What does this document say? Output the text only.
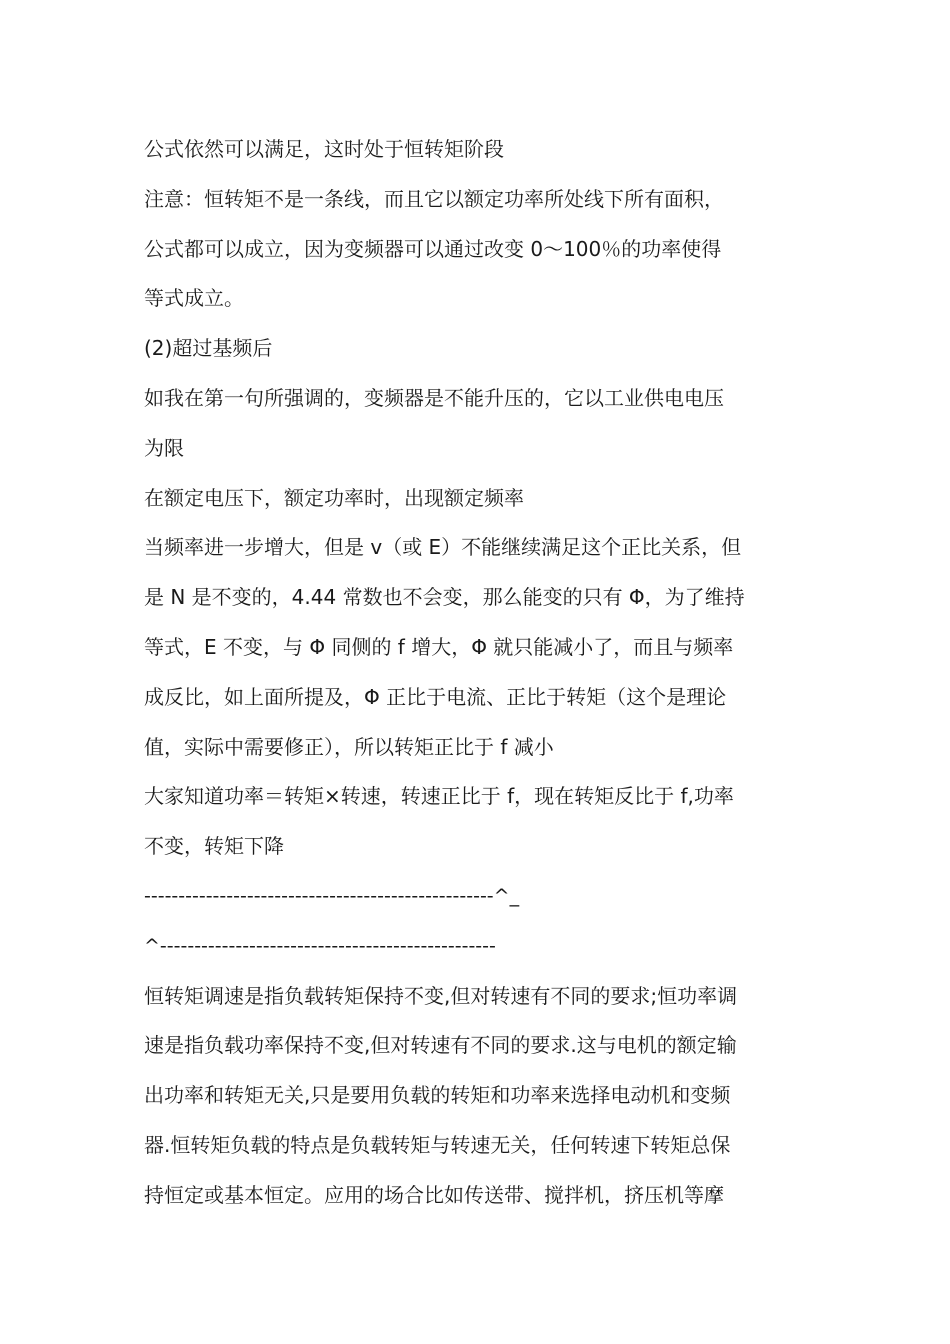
公式依然可以满足，这时处于恒转矩阶段
注意：恒转矩不是一条线，而且它以额定功率所处线下所有面积，
公式都可以成立，因为变频器可以通过改变 0～100％的功率使得
等式成立。
(2)超过基频后
如我在第一句所强调的，变频器是不能升压的，它以工业供电电压
为限
在额定电压下，额定功率时，出现额定频率
当频率进一步增大，但是 v（或 E）不能继续满足这个正比关系，但
是 N 是不变的，4.44 常数也不会变，那么能变的只有 Φ，为了维持
等式，E 不变，与 Φ 同侧的 f 增大，Φ 就只能减小了，而且与频率
成反比，如上面所提及，Φ 正比于电流、正比于转矩（这个是理论
值，实际中需要修正），所以转矩正比于 f 减小
大家知道功率＝转矩×转速，转速正比于 f，现在转矩反比于 f,功率
不变，转矩下降
---------------------------------------------------^_
^-------------------------------------------------
恒转矩调速是指负载转矩保持不变,但对转速有不同的要求;恒功率调
速是指负载功率保持不变,但对转速有不同的要求.这与电机的额定输
出功率和转矩无关,只是要用负载的转矩和功率来选择电动机和变频
器.恒转矩负载的特点是负载转矩与转速无关，任何转速下转矩总保
持恒定或基本恒定。应用的场合比如传送带、搅拌机，挤压机等摩
